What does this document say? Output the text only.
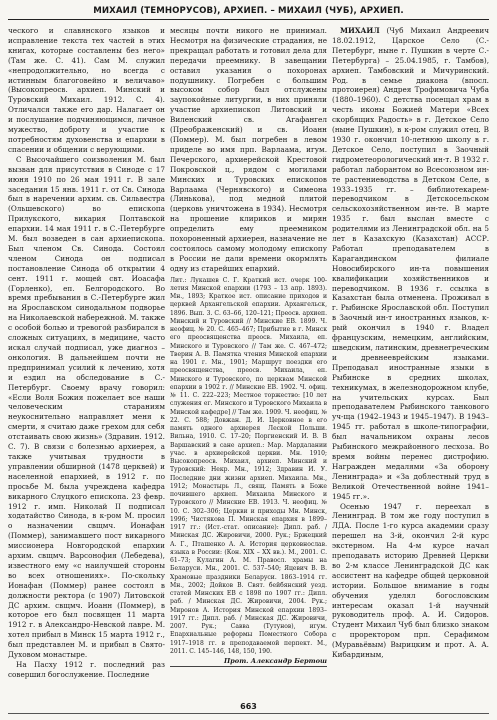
МИХАИЛ (ТЕМНОРУСОВ), АРХИЕП. – МИХАИЛ (ЧУБ), АРХИЕП.

ческого и славянского языков и исправление текста тех частей в этих книгах, которые составлены без него» (Там же. С. 41). Сам М. служил «непродолжительно, но всегда с истинным благоговейно и величаво» (Высокопреосв. архиеп. Минский и Туровский Михаил. 1912. С. 4). Отличался также его дар. Налагает он и послушание подчиняющимся, личное мужество, доброту и участие к потребностям духовенства и епархии в спасении и общении с верующими.

С Высочайшего соизволения М. был вызван для присутствия в Синоде с 17 июня 1910 по 26 мая 1911 г. В зале заседания 15 янв. 1911 г. от Св. Синода был в наречении архим. св. Сильвестра (Ольшевского) во епископа Прилукского, викария Полтавской епархии. 14 мая 1911 г. в С.-Петербурге М. был возведен в сан архиепископа. Был членом Св. Синода. Состоял членом Синода он подписал постановление Синода об открытии 4 сент. 1911 г. мощей свт. Иоасафа (Горленко), еп. Белгородского. Во время пребывания в С.-Петербурге жил на Ярославском синодальном подворье на Николаевской набережной. М. также с особой болью и тревогой разбирался в сложных ситуациях, в медицине, часто искал случай подписал, уже диагноз – онкология. В дальнейшем почти не предпринимал усилий к лечению, хотя и ездил на обследование в С.-Петербург. Своему врачу говорил: «Если Воля Божия пожелает все наши человеческим стараниям неукоснительно направляет меня к смерти, я считаю даже грехом для себя отстаивать свою жизнь» (Здравин. 1912. С. 7). В связи с болезнью архиерея, а также учитывая трудности в управлении обширной (1478 церквей) и населенной епархией, в 1912 г. по просьбе М. была учреждена кафедра викарного Слуцкого епископа. 23 февр. 1912 г. имп. Николай II подписал ходатайство Синода, в к-ром М. просил о назначении свщмч. Ионафан (Поммер), занимавшего пост викарного миссионера Новгородской епархии архим. свщмч. Варсонофия (Лебедева), известного ему «с наилучшей стороны во всех отношениях». По-скольку Ионафан (Поммер) ранее состоял в должности ректора (с 1907) Литовской ДС архим. свщмч. Иоанн (Поммер), в которое его был посвящен 11 марта 1912 г. в Александро-Невской лавре. М. хотел прибыл в Минск 15 марта 1912 г., был представлен М. и прибыл в Свято-Духовом монастыре.

На Пасху 1912 г. последний раз совершил богослужение. Последние

месяцы почти никого не принимал. Несмотря на физические страдания, не прекращал работать и готовил дела для передачи преемнику. В завещании оставил указания о похоронах подушнику. Погребен с большим высоком собор был отслужены заупокойные литургии, в них приняли участие архиепископ Литовский и Виленский св. Агафангел (Преображенский) и св. Иоанн (Поммер). М. был погребен в левом приделе во имя прп. Варлаама, игум. Печерского, архиерейской Крестовой Покровской ц., рядом с могилами Минских и Туровских епископов Варлаама (Чернявского) и Симеона (Линькова), под медной плитой (церковь уничтожена в 1934). Несмотря на прошение клириков и мирян определить ему преемником похороненный архиерея, назначение не состоялось самому молодому епископу в России не дали времени окормлять одну из старейших епархий.

Лит.: Лукашев С. Г. Краткий ист. очерк 100-летия Минской епархии (1793 – 13 апр. 1893). Мн., 1893; Краткое ист. описание приходов и церквей Архангельской епархии. Архангельск, 1896. Вып. 3. С. 63–66, 120–121; Преосв. архиеп. Минский и Туровский // Минские ЕВ. 1899. Ч. неофиц. № 20. С. 465–467; Прибытие в г. Минск его преосвященства преосв. Михаила, еп. Минского и Туровского // Там же. С. 467–472; Тверин А. В. Памятка чтения Минской епархии на 1901 г. Мн., 1901; Маршрут поездки его преосвященства, преосв. Михаила, еп. Минского и Туровского, по церквам Минской епархии в 1902 г. // Минские ЕВ. 1902. Ч. офиц. № 11. С. 222–223; Местное торжество: [10 лет служения ег. Минского и Туровского Михаила в Минской кафедре] // Там же. 1909. Ч. неофиц. № 22. С. 588; Довжан. Д. И. Церковное в его память одного архиерея Леской Польши. Вильна, 1910. С. 17–20; Поргиенский И. В. В Варшавский в сане архиеп.: Мар. Мардалании учас. в архиерейской церкви. Мн. 1910; Высокопреосв. Михаил, архиеп. Минский и Туровский: Некр. Мн., 1912; Здравин И. У. Последние дни жизни архиеп. Михаила. Мн., 1912; Монастырь Л., свящ. Память в Боже почившего архиеп. Михаила Минского и Туровского // Минские ЕВ. 1913. Ч. неофиц. № 10. С. 302–306; Церкви и приходы Мн. Минск, 1996; Чистякова П. Минская епархия в 1899–1917 гг.: (Ист.-стат. описание): Дипл. раб. / Минская ДС. Жировичи, 2000. Рук.; Бржецкий А. Г., Пташенко А. А. История церковнослав. языка в России: (Кон. XIX – XX вв.). М., 2001. С. 61–73; Кулагин А. М. Правосл. храмы на Беларуси. Мн., 2001. С. 537–540; Яцевич В. В. Храмовые праздники Беларуси. 1863–1914 гг. Мн., 2002; Дойков В. Свят. бейбянский уезд. статей Минских ЕВ с 1898 по 1907 гг.: Дипл. раб. / Минская ДС. Жировичи, 2004. Рук.; Миронов А. История Минской епархии 1893–1917 гг.: Дипл. раб. / Минская ДС. Жировичи, 2007. Рук.; Савва (Тутунов), игум. Епархиальные реформы Поместного Собора 1917–1918 гг. в преподаваемой перпект. М., 2011. С. 145–146, 148, 150, 190.

Прот. Александр Бертош

МИХАИЛ (Чуб Михаил Андреевич 18.02.1912, Царское Село (С.-Петербург, ныне г. Пушкин в черте С.-Петербурга) – 25.04.1985, г. Тамбов), архиеп. Тамбовский и Мичуринский. Род. в семье диакона (впосл. протоиерея) Андрея Трофимовича Чуба (1880–1960). С детства посещал храм в честь иконы Божией Матери «Всех скорбящих Радость» в г. Детское Село (ныне Пушкин), в к-ром служил отец. В 1930 г. окончил 10-летнюю школу в г. Детское Село, поступил в Заочный гидрометеорологический ин-т. В 1932 г. работал лаборантом во Всесоюзном ин-те растениеводства в Детском Селе, в 1933–1935 гг. – библиотекарем-переводчиком в Детскосельском сельскохозяйственном ин-те. В марте 1935 г. был выслан вместе с родителями из Ленинградской обл. на 5 лет в Казахскую (Казахстан) АССР. Работал преподавателем в Карагандинском филиале Новосибирского ин-та повышения квалификации хозяйственников и переводчиком. В 1936 г. ссылка в Казахстан была отменена. Проживал в г. Рыбинске Ярославской обл. Поступил в Заочный ин-т иностранных языков, к-рый окончил в 1940 г. Владел французским, немецким, английским, шведским, латинским, древнегреческим и древнееврейским языками. Преподавал иностранные языки в Рыбинске в средних школах, техникумах, в железнодорожном клубе, на учительских курсах. Был преподавателем Рыбинского танкового уч-ща (1942–1943 и 1945–1947). В 1943–1945 гг. работал в школе-типографии, был начальником охраны лесов Рыбинского межрайонного лесхоза. Во время войны перенес дистрофию. Награжден медалями «За оборону Ленинграда» и «За доблестный труд в Великой Отечественной войне 1941–1945 гг.».

Осенью 1947 г. переехал в Ленинград. В том же году поступил в ЛДА. После 1-го курса академии сразу перешел на 3-й, окончил 2-й курс экстерном. На 4-м курсе начал преподавать историю Древней Церкви во 2-м классе Ленинградской ДС как ассистент на кафедре общей церковной истории. Большое внимание в годы обучения уделял богословским интересам оказал 1-й научный руководитель проф. А. И. Сидоров. Студент Михаил Чуб был близко знаком с проректором прп. Серафимом (Муравьёвым) Вырицким и прот. А. А. Кибардиным,

663
